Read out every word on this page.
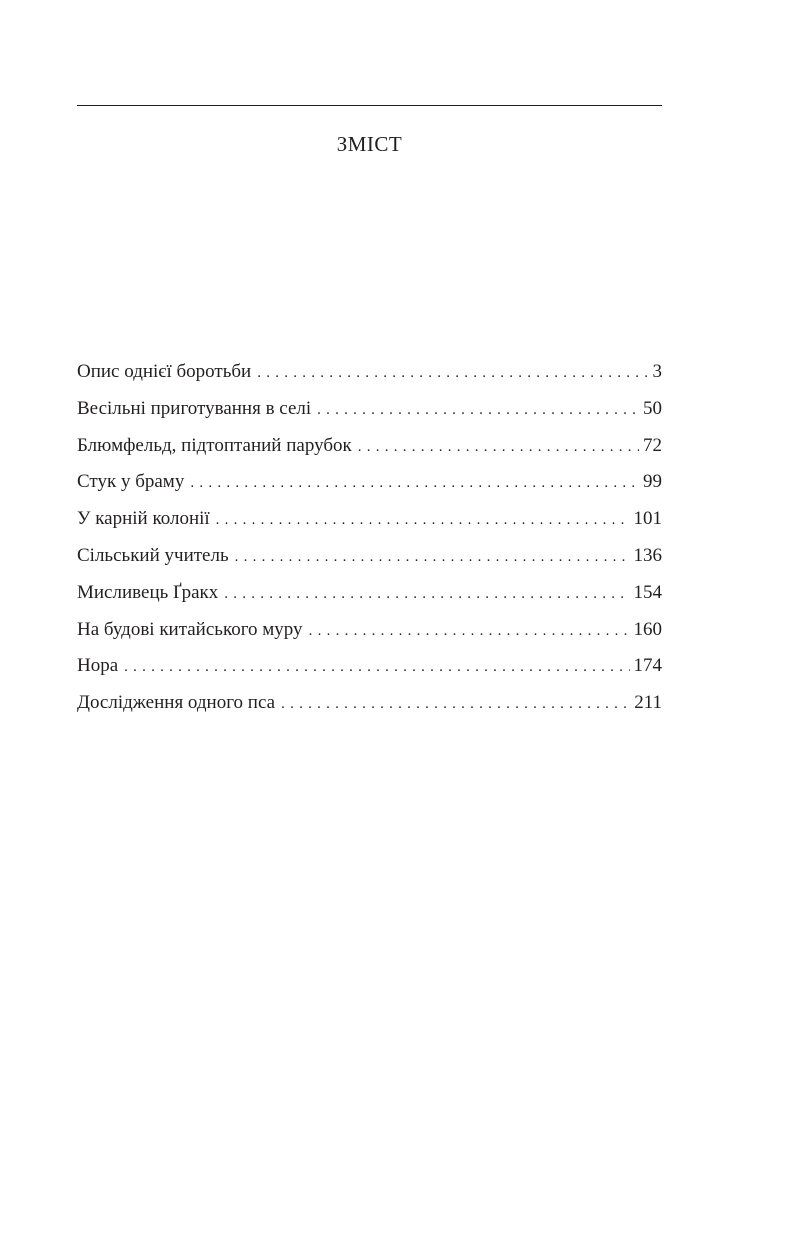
ЗМІСТ
Опис однієї боротьби . . .	3
Весільні приготування в селі . . .	50
Блюмфельд, підтоптаний парубок . . .	72
Стук у браму . . .	99
У карній колонії . . .	101
Сільський учитель . . .	136
Мисливець Ґракх . . .	154
На будові китайського муру . . .	160
Нора . . .	174
Дослідження одного пса . . .	211
